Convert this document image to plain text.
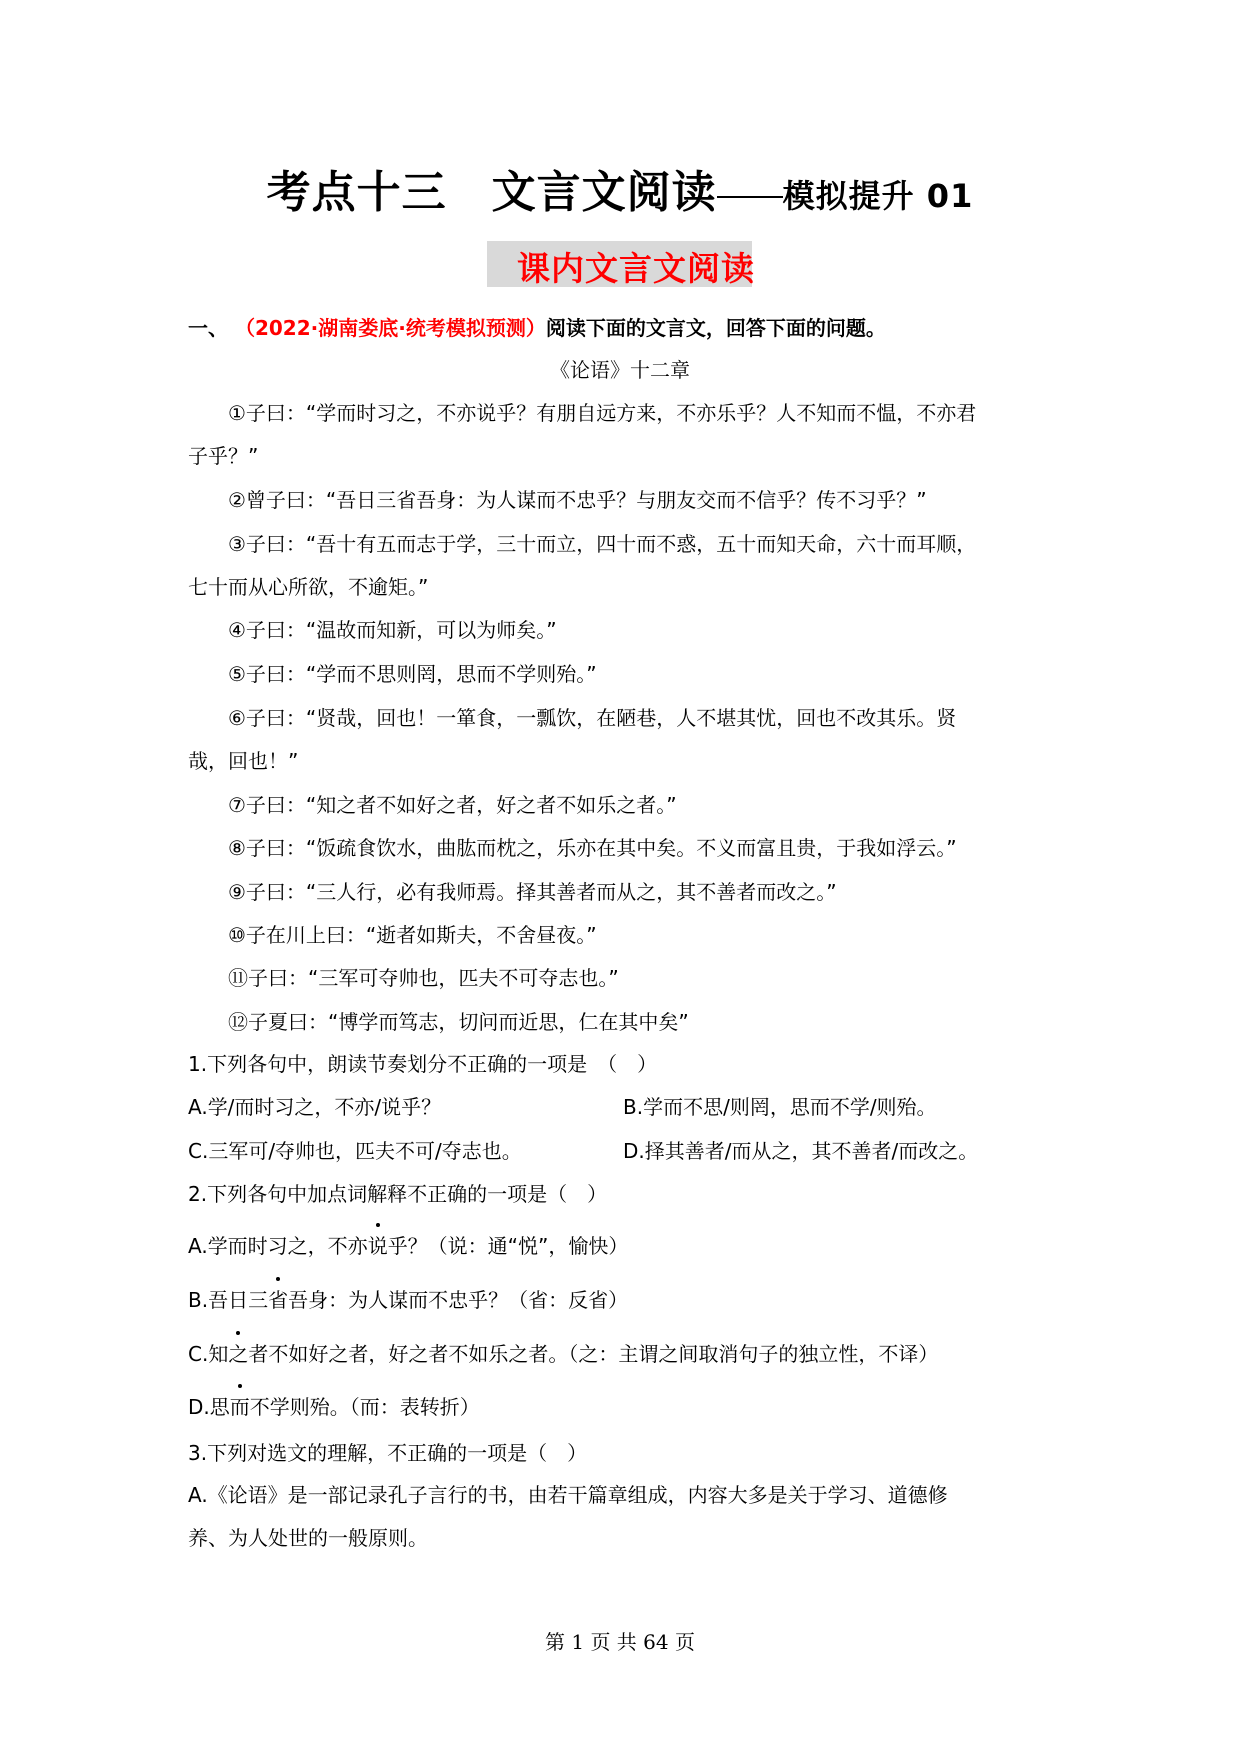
考点十三　文言文阅读 模拟提升 01
课内文言文阅读
一、 （2022·湖南娄底·统考模拟预测）阅读下面的文言文，回答下面的问题。
《论语》十二章
①子曰：“学而时习之，不亦说乎？有朋自远方来，不亦乐乎？人不知而不愠，不亦君
子乎？”
②曾子曰：“吾日三省吾身：为人谋而不忠乎？与朋友交而不信乎？传不习乎？”
③子曰：“吾十有五而志于学，三十而立，四十而不惑，五十而知天命，六十而耳顺，
七十而从心所欲，不逾矩。”
④子曰：“温故而知新，可以为师矣。”
⑤子曰：“学而不思则罔，思而不学则殆。”
⑥子曰：“贤哉，回也！一箪食，一瓢饮，在陋巷，人不堪其忧，回也不改其乐。贤
哉，回也！”
⑦子曰：“知之者不如好之者，好之者不如乐之者。”
⑧子曰：“饭疏食饮水，曲肱而枕之，乐亦在其中矣。不义而富且贵，于我如浮云。”
⑨子曰：“三人行，必有我师焉。择其善者而从之，其不善者而改之。”
⑩子在川上曰：“逝者如斯夫，不舍昼夜。”
⑪子曰：“三军可夺帅也，匹夫不可夺志也。”
⑫子夏曰：“博学而笃志，切问而近思，仁在其中矣”
1.下列各句中，朗读节奏划分不正确的一项是　（　）
A.学/而时习之，不亦/说乎？	B.学而不思/则罔，思而不学/则殆。
C.三军可/夺帅也，匹夫不可/夺志也。	D.择其善者/而从之，其不善者/而改之。
2.下列各句中加点词解释不正确的一项是（　）
A.学而时习之，不亦说乎？（说：通“悦”，愉快）
B.吾日三省吾身：为人谋而不忠乎？（省：反省）
C.知之者不如好之者，好之者不如乐之者。（之：主谓之间取消句子的独立性，不译）
D.思而不学则殆。（而：表转折）
3.下列对选文的理解，不正确的一项是（　）
A.《论语》是一部记录孔子言行的书，由若干篇章组成，内容大多是关于学习、道德修
养、为人处世的一般原则。
第 1 页 共 64 页
